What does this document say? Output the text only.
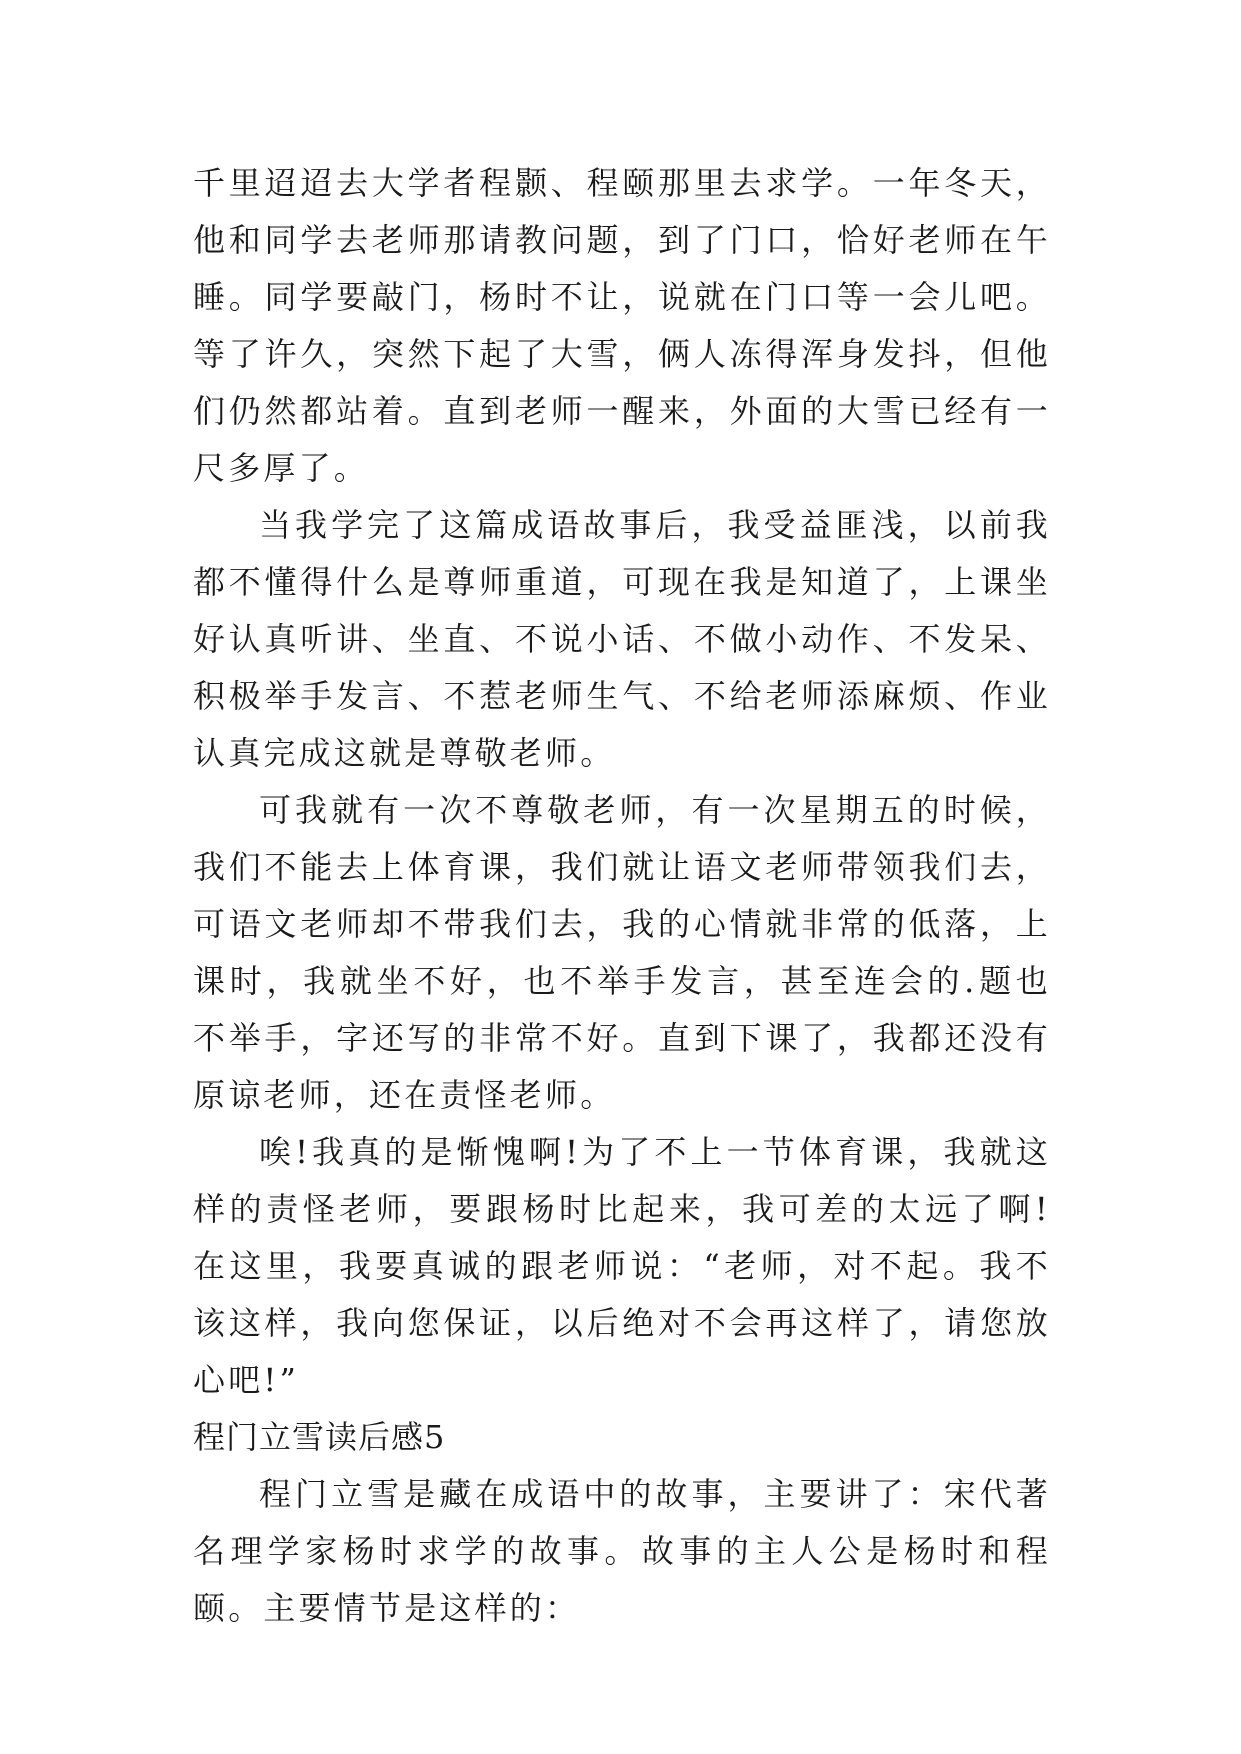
千里迢迢去大学者程颢、程颐那里去求学。一年冬天，他和同学去老师那请教问题，到了门口，恰好老师在午睡。同学要敲门，杨时不让，说就在门口等一会儿吧。等了许久，突然下起了大雪，俩人冻得浑身发抖，但他们仍然都站着。直到老师一醒来，外面的大雪已经有一尺多厚了。

当我学完了这篇成语故事后，我受益匪浅，以前我都不懂得什么是尊师重道，可现在我是知道了，上课坐好认真听讲、坐直、不说小话、不做小动作、不发呆、积极举手发言、不惹老师生气、不给老师添麻烦、作业认真完成这就是尊敬老师。

可我就有一次不尊敬老师，有一次星期五的时候，我们不能去上体育课，我们就让语文老师带领我们去，可语文老师却不带我们去，我的心情就非常的低落，上课时，我就坐不好，也不举手发言，甚至连会的.题也不举手，字还写的非常不好。直到下课了，我都还没有原谅老师，还在责怪老师。

唉!我真的是惭愧啊!为了不上一节体育课，我就这样的责怪老师，要跟杨时比起来，我可差的太远了啊!在这里，我要真诚的跟老师说：“老师，对不起。我不该这样，我向您保证，以后绝对不会再这样了，请您放心吧!”

程门立雪读后感5

程门立雪是藏在成语中的故事，主要讲了：宋代著名理学家杨时求学的故事。故事的主人公是杨时和程颐。主要情节是这样的：
